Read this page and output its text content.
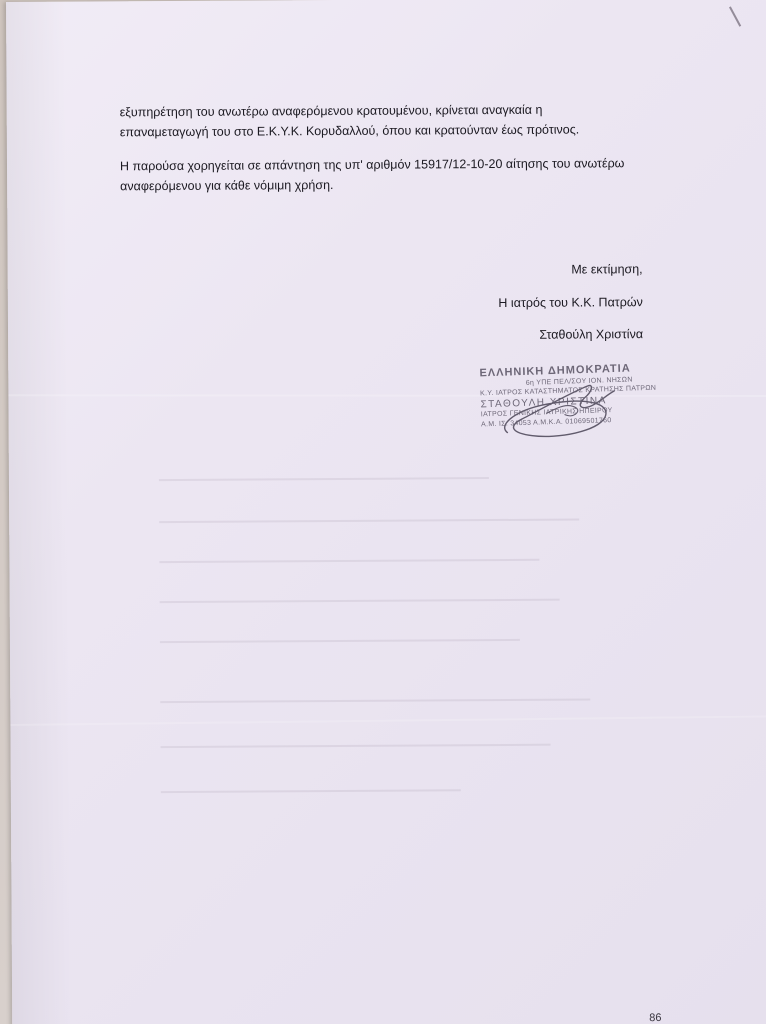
εξυπηρέτηση του ανωτέρω αναφερόμενου κρατουμένου, κρίνεται αναγκαία η

επαναμεταγωγή του στο Ε.Κ.Υ.Κ. Κορυδαλλού, όπου και κρατούνταν έως πρότινος.

Η παρούσα χορηγείται σε απάντηση της υπ' αριθμόν 15917/12-10-20 αίτησης του ανωτέρω

αναφερόμενου για κάθε νόμιμη χρήση.

Με εκτίμηση,
Η ιατρός του Κ.Κ. Πατρών
Σταθούλη Χριστίνα
ΕΛΛΗΝΙΚΗ ΔΗΜΟΚΡΑΤΙΑ
6η ΥΠΕ ΠΕΛ/ΣΟΥ ΙΟΝ. ΝΗΣΩΝ
Κ.Υ. ΙΑΤΡΟΣ ΚΑΤΑΣΤΗΜΑΤΟΣ ΚΡΑΤΗΣΗΣ ΠΑΤΡΩΝ
ΣΤΑΘΟΥΛΗ ΧΡΙΣΤΙΝΑ
ΙΑΤΡΟΣ ΓΕΝΙΚΗΣ ΙΑΤΡΙΚΗΣ ΗΠΕΙΡΟΥ
Α.Μ. ΙΣ. 34053 Α.Μ.Κ.Α. 01069501760
86
